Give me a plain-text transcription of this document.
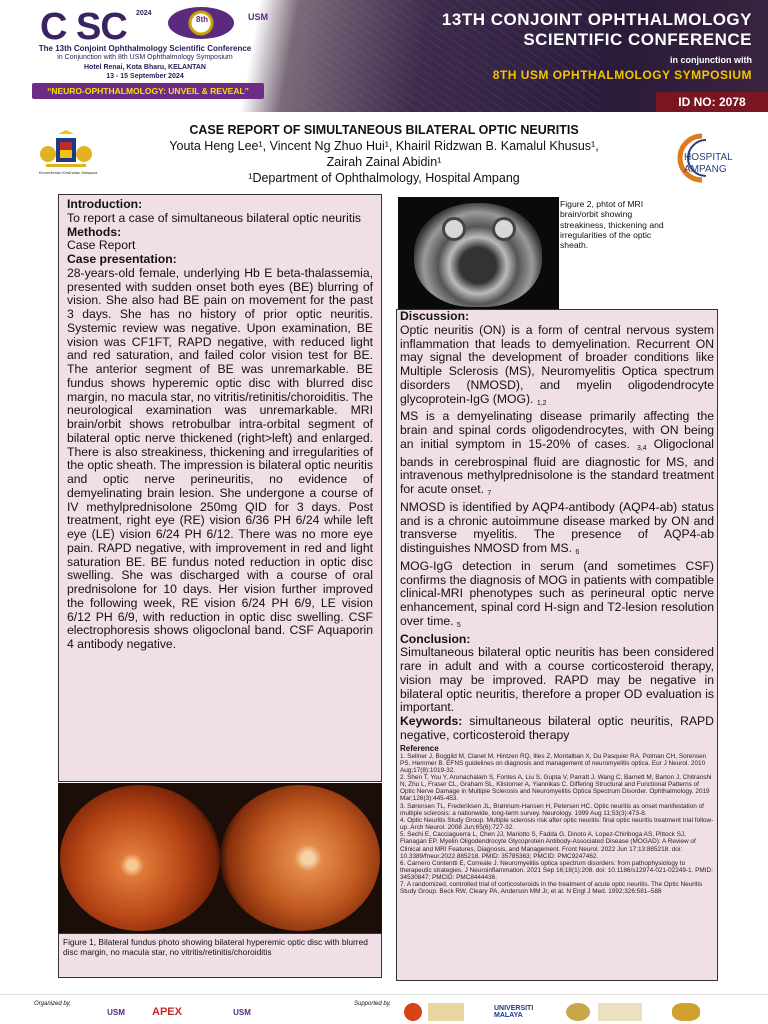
C SC 2024
8th	USM
The 13th Conjoint Ophthalmology Scientific Conference
in Conjunction with 8th USM Ophthalmology Symposium
Hotel Renai, Kota Bharu, KELANTAN
13 - 15 September 2024
“NEURO-OPHTHALMOLOGY: UNVEIL & REVEAL”
13TH CONJOINT OPHTHALMOLOGY
SCIENTIFIC CONFERENCE
in conjunction with
8TH USM OPHTHALMOLOGY SYMPOSIUM
ID NO: 2078
Kementerian Kesihatan Malaysia
HOSPITAL
AMPANG
CASE REPORT OF SIMULTANEOUS BILATERAL OPTIC NEURITIS
Youta Heng Lee¹, Vincent Ng Zhuo Hui¹, Khairil Ridzwan B. Kamalul Khusus¹,
Zairah Zainal Abidin¹
¹Department of Ophthalmology, Hospital Ampang
Introduction:
To report a case of simultaneous bilateral optic neuritis
Methods:
Case Report
Case presentation:
28-years-old female, underlying Hb E beta-thalassemia, presented with sudden onset both eyes (BE) blurring of vision. She also had BE pain on movement for the past 3 days. She has no history of prior optic neuritis. Systemic review was negative. Upon examination, BE vision was CF1FT, RAPD negative, with reduced light and red saturation, and failed color vision test for BE. The anterior segment of BE was unremarkable. BE fundus shows hyperemic optic disc with blurred disc margin, no macula star, no vitritis/retinitis/choroiditis. The neurological examination was unremarkable. MRI brain/orbit shows retrobulbar intra-orbital segment of bilateral optic nerve thickened (right>left) and enlarged. There is also streakiness, thickening and irregularities of the optic sheath. The impression is bilateral optic neuritis and optic nerve perineuritis, no evidence of demyelinating brain lesion. She undergone a course of IV methylprednisolone 250mg QID for 3 days. Post treatment, right eye (RE) vision 6/36 PH 6/24 while left eye (LE) vision 6/24 PH 6/12. There was no more eye pain. RAPD negative, with improvement in red and light saturation BE. BE fundus noted reduction in optic disc swelling. She was discharged with a course of oral prednisolone for 10 days. Her vision further improved the following week, RE vision 6/24 PH 6/9, LE vision 6/12 PH 6/9, with reduction in optic disc swelling. CSF electrophoresis shows oligoclonal band. CSF Aquaporin 4 antibody negative.
Figure 1, Bilateral fundus photo showing bilateral hyperemic optic disc with blurred disc margin, no macula star, no vitritis/retinitis/choroiditis
Figure 2, phtot of MRI brain/orbit showing streakiness, thickening and irregularities of the optic sheath.
Discussion:
Optic neuritis (ON) is a form of central nervous system inflammation that leads to demyelination. Recurrent ON may signal the development of broader conditions like Multiple Sclerosis (MS), Neuromyelitis Optica spectrum disorders (NMOSD), and myelin oligodendrocyte glycoprotein-IgG (MOG). $_{1,2}$
MS is a demyelinating disease primarily affecting the brain and spinal cords oligodendrocytes, with ON being an initial symptom in 15-20% of cases. $_{3,4}$ Oligoclonal bands in cerebrospinal fluid are diagnostic for MS, and intravenous methylprednisolone is the standard treatment for acute onset. $_7$
NMOSD is identified by AQP4-antibody (AQP4-ab) status and is a chronic autoimmune disease marked by ON and transverse myelitis. The presence of AQP4-ab distinguishes NMOSD from MS. $_6$
MOG-IgG detection in serum (and sometimes CSF) confirms the diagnosis of MOG in patients with compatible clinical-MRI phenotypes such as perineural optic nerve enhancement, spinal cord H-sign and T2-lesion resolution over time. $_5$
Conclusion:
Simultaneous bilateral optic neuritis has been considered rare in adult and with a course corticosteroid therapy, vision may be improved. RAPD may be negative in bilateral optic neuritis, therefore a proper OD evaluation is important.
Keywords: simultaneous bilateral optic neuritis, RAPD negative, corticosteroid therapy
Reference
1. Sellner J, Boggild M, Clanet M, Hintzen RQ, Illes Z, Montalban X, Du Pasquier RA, Polman CH, Sorensen PS, Hemmer B. EFNS guidelines on diagnosis and management of neuromyelitis optica. Eur J Neurol. 2010 Aug;17(8):1019-32.
2. Shen T, You Y, Arunachalam S, Fontes A, Liu S, Gupta V, Parratt J, Wang C, Barnett M, Barton J, Chitranshi N, Zhu L, Fraser CL, Graham SL, Klistorner A, Yiannikas C. Differing Structural and Functional Patterns of Optic Nerve Damage in Multiple Sclerosis and Neuromyelitis Optica Spectrum Disorder. Ophthalmology. 2019 Mar;126(3):445-453.
3. Sørensen TL, Frederiksen JL, Brønnum-Hansen H, Petersen HC. Optic neuritis as onset manifestation of multiple sclerosis: a nationwide, long-term survey. Neurology. 1999 Aug 11;53(3):473-8.
4. Optic Neuritis Study Group. Multiple sclerosis risk after optic neuritis: final optic neuritis treatment trial follow-up. Arch Neurol. 2008 Jun;65(6):727-32.
5. Sechi E, Cacciaguerra L, Chen JJ, Mariotto S, Fadda G, Dinoto A, Lopez-Chiriboga AS, Pittock SJ, Flanagan EP. Myelin Oligodendrocyte Glycoprotein Antibody-Associated Disease (MOGAD): A Review of Clinical and MRI Features, Diagnosis, and Management. Front Neurol. 2022 Jun 17;13:885218. doi: 10.3389/fneur.2022.885218. PMID: 35785363; PMCID: PMC9247462.
6. Carnero Contentti E, Correale J. Neuromyelitis optica spectrum disorders: from pathophysiology to therapeutic strategies. J Neuroinflammation. 2021 Sep 16;18(1):208. doi: 10.1186/s12974-021-02249-1. PMID: 34530847; PMCID: PMC8444436.
7. A randomized, controlled trial of corticosteroids in the treatment of acute optic neuritis. The Optic Neuritis Study Group. Beck RW, Cleary PA, Anderson MM Jr, et al. N Engl J Med. 1992;326:581–588
Organized by,
USM	APEX	USM
Supported by,
UNIVERSITI MALAYA
